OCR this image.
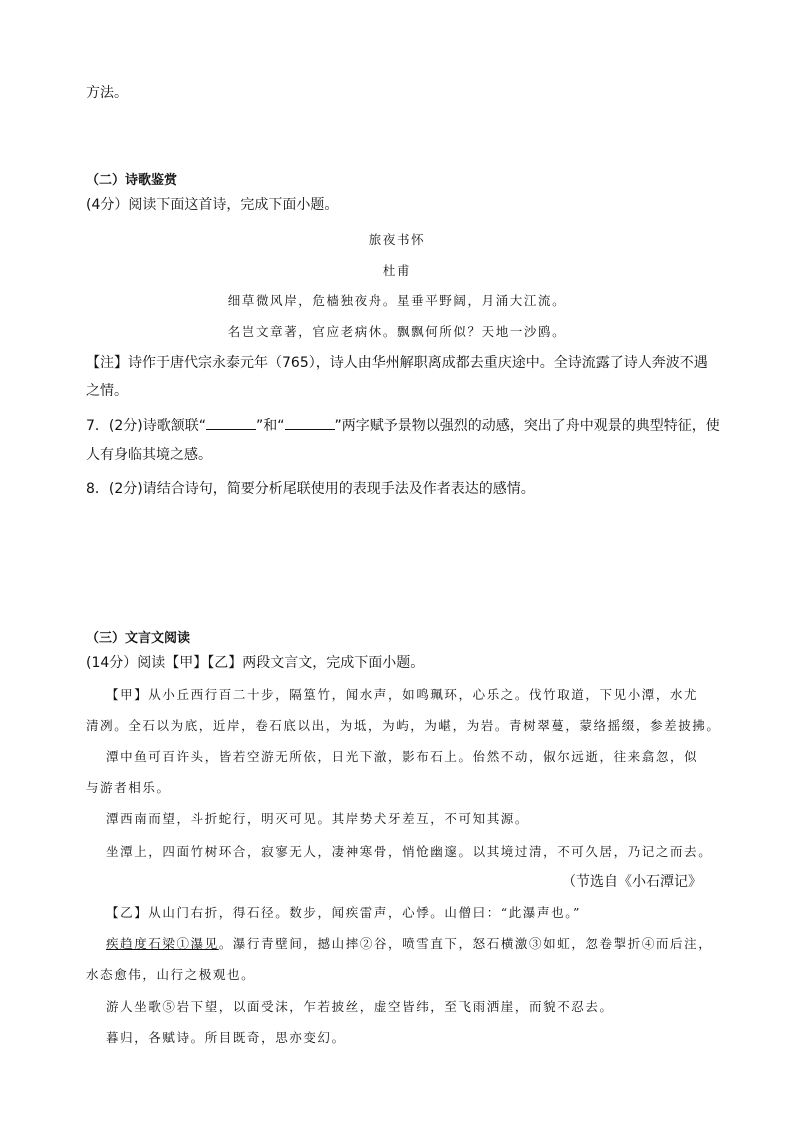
方法。
（二）诗歌鉴赏
(4分）阅读下面这首诗，完成下面小题。
旅夜书怀
杜甫
细草微风岸，危樯独夜舟。星垂平野阔，月涌大江流。
名岂文章著，官应老病休。飘飘何所似？天地一沙鸥。
【注】诗作于唐代宗永泰元年（765），诗人由华州解职离成都去重庆途中。全诗流露了诗人奔波不遇
之情。
7．(2分)诗歌颔联“	”和“	”两字赋予景物以强烈的动感，突出了舟中观景的典型特征，使
人有身临其境之感。
8．(2分)请结合诗句，简要分析尾联使用的表现手法及作者表达的感情。
（三）文言文阅读
(14分）阅读【甲】【乙】两段文言文，完成下面小题。
【甲】从小丘西行百二十步，隔篁竹，闻水声，如鸣珮环，心乐之。伐竹取道，下见小潭，水尤
清冽。全石以为底，近岸，卷石底以出，为坻，为屿，为嵁，为岩。青树翠蔓，蒙络摇缀，参差披拂。
潭中鱼可百许头，皆若空游无所依，日光下澈，影布石上。佁然不动，俶尔远逝，往来翕忽，似
与游者相乐。
潭西南而望，斗折蛇行，明灭可见。其岸势犬牙差互，不可知其源。
坐潭上，四面竹树环合，寂寥无人，凄神寒骨，悄怆幽邃。以其境过清，不可久居，乃记之而去。
（节选自《小石潭记》
【乙】从山门右折，得石径。数步，闻疾雷声，心悸。山僧曰：“此瀑声也。”
疾趋度石梁①瀑见。瀑行青壁间，撼山摔②谷，喷雪直下，怒石横激③如虹，忽卷掣折④而后注，
水态愈伟，山行之极观也。
游人坐歌⑤岩下望，以面受沫，乍若披丝，虚空皆纬，至飞雨洒崖，而貌不忍去。
暮归，各赋诗。所目既奇，思亦变幻。
